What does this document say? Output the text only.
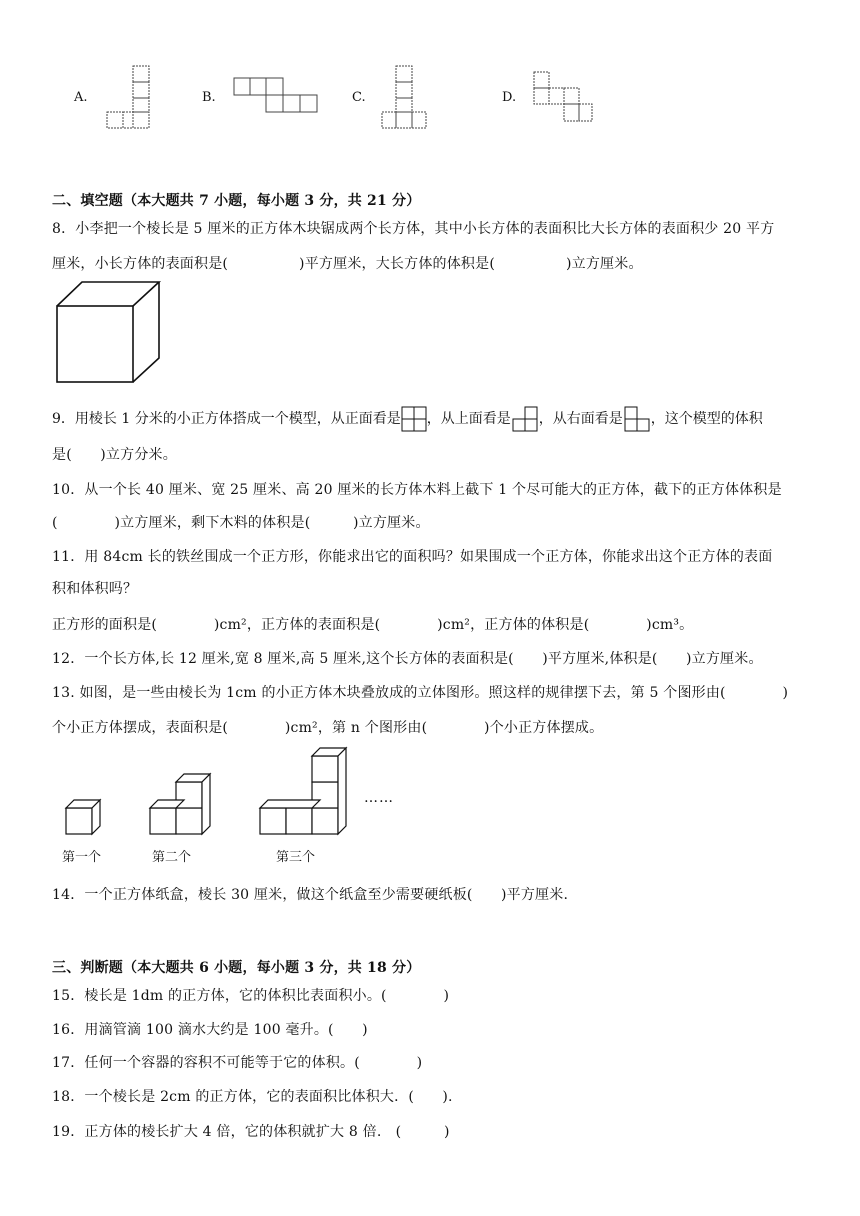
A.	B.	C.	D.
二、填空题（本大题共 7 小题，每小题 3 分，共 21 分）
8．小李把一个棱长是 5 厘米的正方体木块锯成两个长方体，其中小长方体的表面积比大长方体的表面积少 20 平方
厘米，小长方体的表面积是(　　　　　)平方厘米，大长方体的体积是(　　　　　)立方厘米。
9．用棱长 1 分米的小正方体搭成一个模型，从正面看是 ，从上面看是 ，从右面看是 ，这个模型的体积
是(　　)立方分米。
10．从一个长 40 厘米、宽 25 厘米、高 20 厘米的长方体木料上截下 1 个尽可能大的正方体，截下的正方体体积是
(　　　　)立方厘米，剩下木料的体积是(　　　)立方厘米。
11．用 84cm 长的铁丝围成一个正方形，你能求出它的面积吗？如果围成一个正方体，你能求出这个正方体的表面
积和体积吗？
正方形的面积是(　　　　)cm²，正方体的表面积是(　　　　)cm²，正方体的体积是(　　　　)cm³。
12．一个长方体,长 12 厘米,宽 8 厘米,高 5 厘米,这个长方体的表面积是(　　)平方厘米,体积是(　　)立方厘米。
13. 如图，是一些由棱长为 1cm 的小正方体木块叠放成的立体图形。照这样的规律摆下去，第 5 个图形由(　　　　)
个小正方体摆成，表面积是(　　　　)cm²，第 n 个图形由(　　　　)个小正方体摆成。
……
第一个	第二个	第三个
14．一个正方体纸盒，棱长 30 厘米，做这个纸盒至少需要硬纸板(　　)平方厘米.
三、判断题（本大题共 6 小题，每小题 3 分，共 18 分）
15．棱长是 1dm 的正方体，它的体积比表面积小。(　　　　)
16．用滴管滴 100 滴水大约是 100 毫升。(　　)
17．任何一个容器的容积不可能等于它的体积。(　　　　)
18．一个棱长是 2cm 的正方体，它的表面积比体积大．(　　).
19．正方体的棱长扩大 4 倍，它的体积就扩大 8 倍.　(　　　)
